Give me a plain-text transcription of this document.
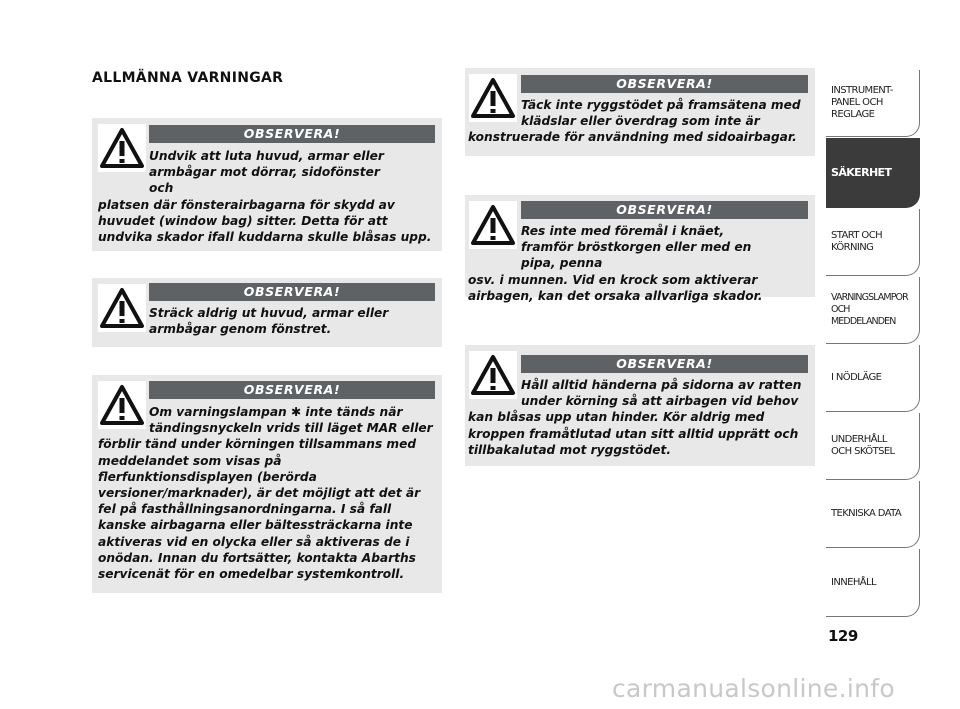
ALLMÄNNA VARNINGAR
OBSERVERA!

Undvik att luta huvud, armar eller armbågar mot dörrar, sidofönster och
platsen där fönsterairbagarna för skydd av huvudet (window bag) sitter. Detta för att undvika skador ifall kuddarna skulle blåsas upp.

OBSERVERA!

Sträck aldrig ut huvud, armar eller armbågar genom fönstret.

OBSERVERA!

Om varningslampan ✱ inte tänds när tändingsnyckeln vrids till läget MAR eller
förblir tänd under körningen tillsammans med meddelandet som visas på flerfunktionsdisplayen (berörda versioner/marknader), är det möjligt att det är fel på fasthållningsanordningarna. I så fall kanske airbagarna eller bältessträckarna inte aktiveras vid en olycka eller så aktiveras de i onödan. Innan du fortsätter, kontakta Abarths servicenät för en omedelbar systemkontroll.

OBSERVERA!

Täck inte ryggstödet på framsätena med klädslar eller överdrag som inte är
konstruerade för användning med sidoairbagar.

OBSERVERA!

Res inte med föremål i knäet, framför bröstkorgen eller med en pipa, penna
osv. i munnen. Vid en krock som aktiverar airbagen, kan det orsaka allvarliga skador.

OBSERVERA!

Håll alltid händerna på sidorna av ratten under körning så att airbagen vid behov
kan blåsas upp utan hinder. Kör aldrig med kroppen framåtlutad utan sitt alltid upprätt och tillbakalutad mot ryggstödet.

INSTRUMENT-
PANEL OCH
REGLAGE
SÄKERHET
START OCH
KÖRNING
VARNINGSLAMPOR
OCH
MEDDELANDEN
I NÖDLÄGE
UNDERHÅLL
OCH SKÖTSEL
TEKNISKA DATA
INNEHÅLL
129
carmanualsonline.info
